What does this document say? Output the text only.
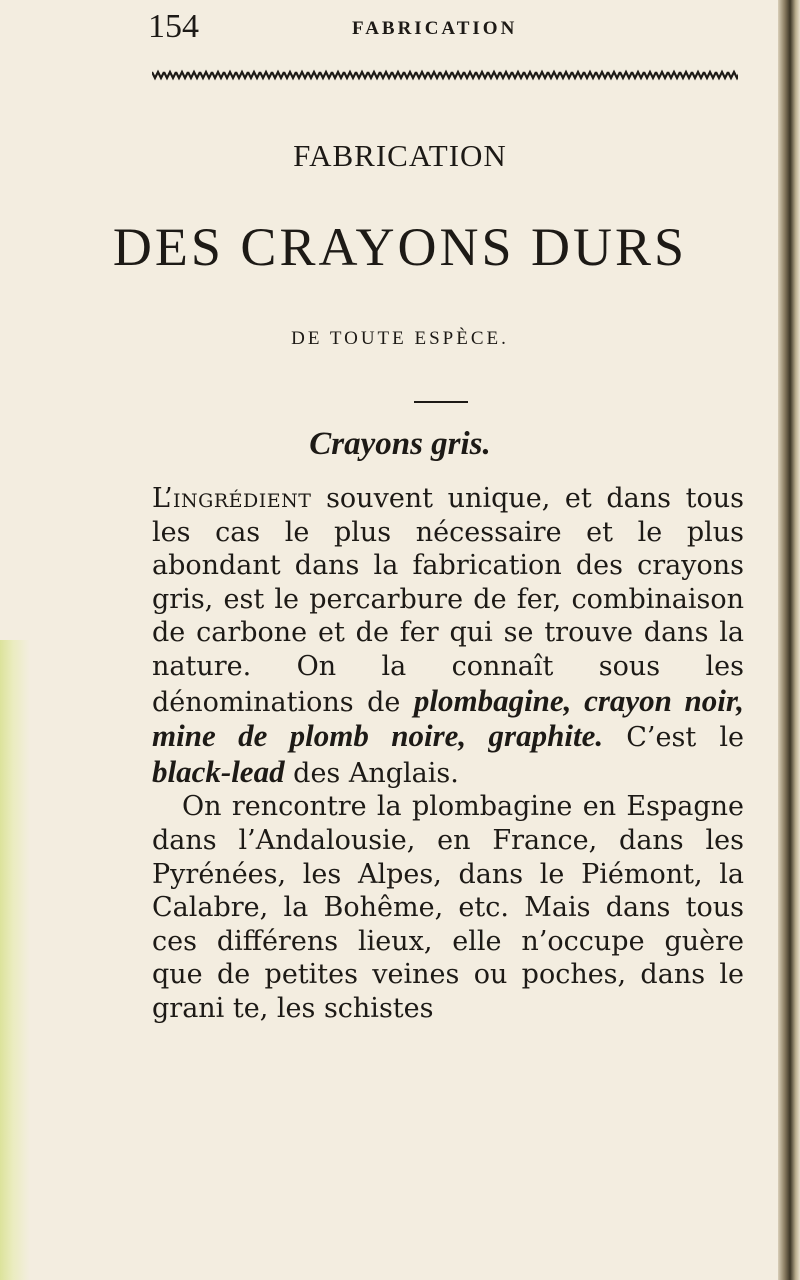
154	FABRICATION
FABRICATION
DES CRAYONS DURS
DE TOUTE ESPÈCE.
Crayons gris.

L’ingrédient souvent unique, et dans tous les cas le plus nécessaire et le plus abondant dans la fabrication des crayons gris, est le percarbure de fer, combinaison de carbone et de fer qui se trouve dans la nature. On la connaît sous les dénominations de plombagine, crayon noir, mine de plomb noire, graphite. C’est le black-lead des Anglais.

On rencontre la plombagine en Espagne dans l’Andalousie, en France, dans les Pyrénées, les Alpes, dans le Piémont, la Calabre, la Bohême, etc. Mais dans tous ces différens lieux, elle n’occupe guère que de petites veines ou poches, dans le grani te, les schistes
